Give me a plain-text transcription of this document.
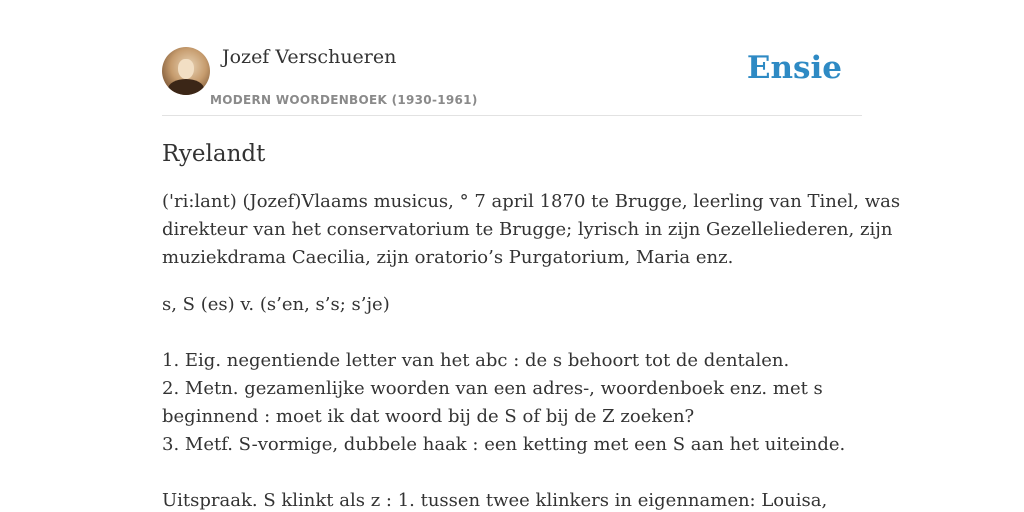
Jozef Verschueren
MODERN WOORDENBOEK (1930-1961)
Ensie
Ryelandt

('ri:lant) (Jozef)Vlaams musicus, ° 7 april 1870 te Brugge, leerling van Tinel, was
direkteur van het conservatorium te Brugge; lyrisch in zijn Gezelleliederen, zijn
muziekdrama Caecilia, zijn oratorio’s Purgatorium, Maria enz.

s, S (es) v. (s’en, s’s; s’je)
1. Eig. negentiende letter van het abc : de s behoort tot de dentalen.
2. Metn. gezamenlijke woorden van een adres-, woordenboek enz. met s
beginnend : moet ik dat woord bij de S of bij de Z zoeken?
3. Metf. S-vormige, dubbele haak : een ketting met een S aan het uiteinde.
Uitspraak. S klinkt als z : 1. tussen twee klinkers in eigennamen: Louisa,
